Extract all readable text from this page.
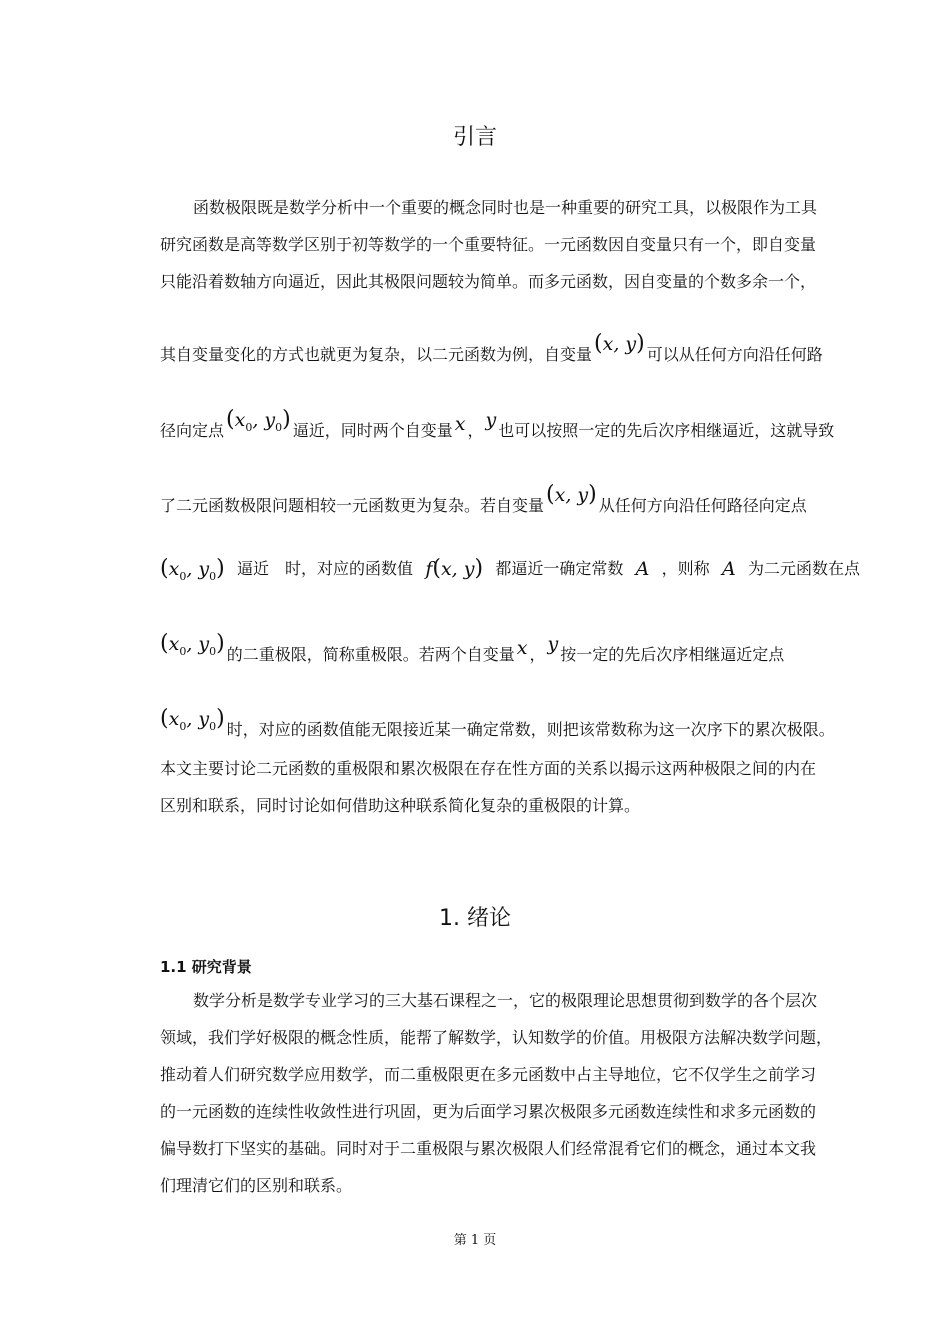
引言
函数极限既是数学分析中一个重要的概念同时也是一种重要的研究工具，以极限作为工具
研究函数是高等数学区别于初等数学的一个重要特征。一元函数因自变量只有一个，即自变量
只能沿着数轴方向逼近，因此其极限问题较为简单。而多元函数，因自变量的个数多余一个，
其自变量变化的方式也就更为复杂，以二元函数为例，自变量(x, y) 可以从任何方向沿任何路
径向定点($x_0$, $y_0$) 逼近，同时两个自变量 x ， y 也可以按照一定的先后次序相继逼近，这就导致
了二元函数极限问题相较一元函数更为复杂。若自变量(x, y) 从任何方向沿任何路径向定点
($x_0$, $y_0$) 逼近　时，对应的函数值 f(x, y) 都逼近一确定常数 A ，则称 A 为二元函数在点
($x_0$, $y_0$) 的二重极限，简称重极限。若两个自变量 x ， y 按一定的先后次序相继逼近定点
($x_0$, $y_0$) 时，对应的函数值能无限接近某一确定常数，则把该常数称为这一次序下的累次极限。
本文主要讨论二元函数的重极限和累次极限在存在性方面的关系以揭示这两种极限之间的内在
区别和联系，同时讨论如何借助这种联系简化复杂的重极限的计算。
1. 绪论
1.1 研究背景
数学分析是数学专业学习的三大基石课程之一，它的极限理论思想贯彻到数学的各个层次
领域，我们学好极限的概念性质，能帮了解数学，认知数学的价值。用极限方法解决数学问题，
推动着人们研究数学应用数学，而二重极限更在多元函数中占主导地位，它不仅学生之前学习
的一元函数的连续性收敛性进行巩固，更为后面学习累次极限多元函数连续性和求多元函数的
偏导数打下坚实的基础。同时对于二重极限与累次极限人们经常混肴它们的概念，通过本文我
们理清它们的区别和联系。
第 1 页
